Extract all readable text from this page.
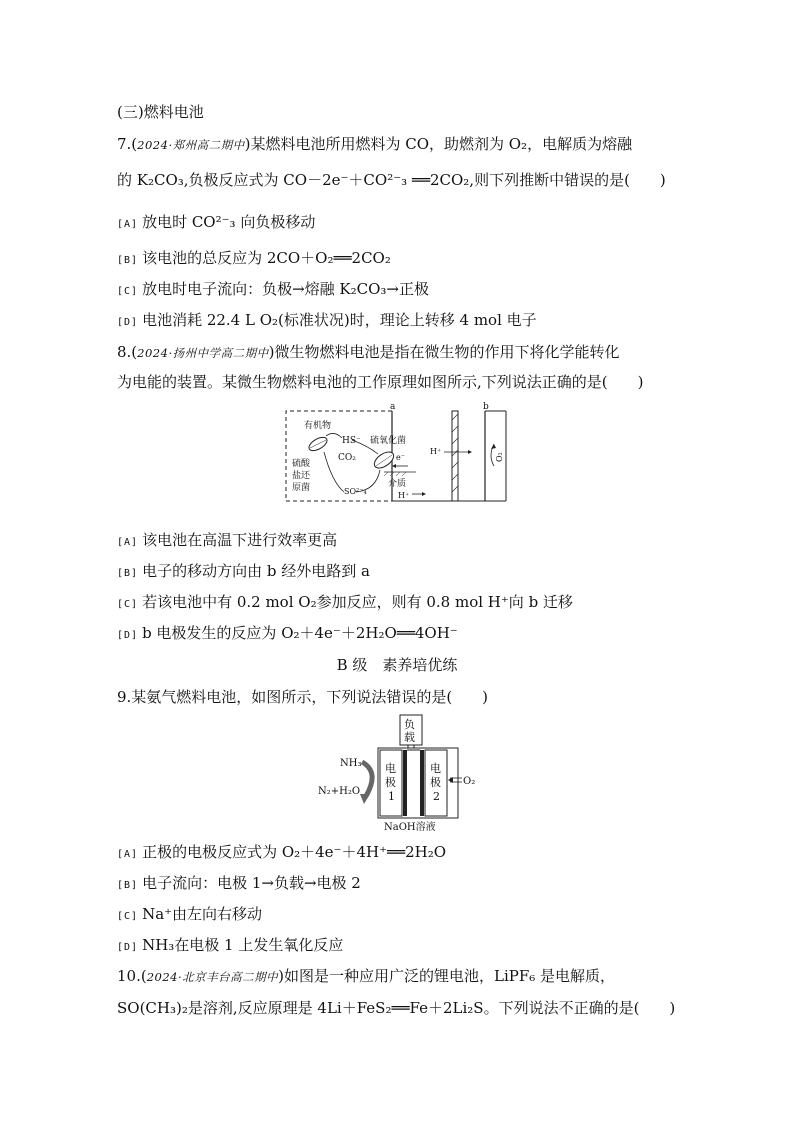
(三)燃料电池
7.(2024·郑州高二期中)某燃料电池所用燃料为 CO，助燃剂为 O₂，电解质为熔融
的 K₂CO₃,负极反应式为 CO－2e⁻＋CO²⁻₃ ══2CO₂,则下列推断中错误的是(　　)
[A] 放电时 CO²⁻₃ 向负极移动
[B] 该电池的总反应为 2CO＋O₂══2CO₂
[C] 放电时电子流向：负极→熔融 K₂CO₃→正极
[D] 电池消耗 22.4 L O₂(标准状况)时，理论上转移 4 mol 电子
8.(2024·扬州中学高二期中)微生物燃料电池是指在微生物的作用下将化学能转化
为电能的装置。某微生物燃料电池的工作原理如图所示,下列说法正确的是(　　)
a	b
有机物
HS⁻
CO₂
硫氧化菌
硫酸
盐还
原菌	SO²⁻₄
e⁻
介质
H⁺
H⁺
O₂
[A] 该电池在高温下进行效率更高
[B] 电子的移动方向由 b 经外电路到 a
[C] 若该电池中有 0.2 mol O₂参加反应，则有 0.8 mol H⁺向 b 迁移
[D] b 电极发生的反应为 O₂＋4e⁻＋2H₂O══4OH⁻
B 级　素养培优练
9.某氨气燃料电池，如图所示，下列说法错误的是(　　)
负
载
电
极
1
电
极
2
O₂
NH₃
N₂+H₂O
NaOH溶液
[A] 正极的电极反应式为 O₂＋4e⁻＋4H⁺══2H₂O
[B] 电子流向：电极 1→负载→电极 2
[C] Na⁺由左向右移动
[D] NH₃在电极 1 上发生氧化反应
10.(2024·北京丰台高二期中)如图是一种应用广泛的锂电池，LiPF₆ 是电解质，
SO(CH₃)₂是溶剂,反应原理是 4Li＋FeS₂══Fe＋2Li₂S。下列说法不正确的是(　　)
